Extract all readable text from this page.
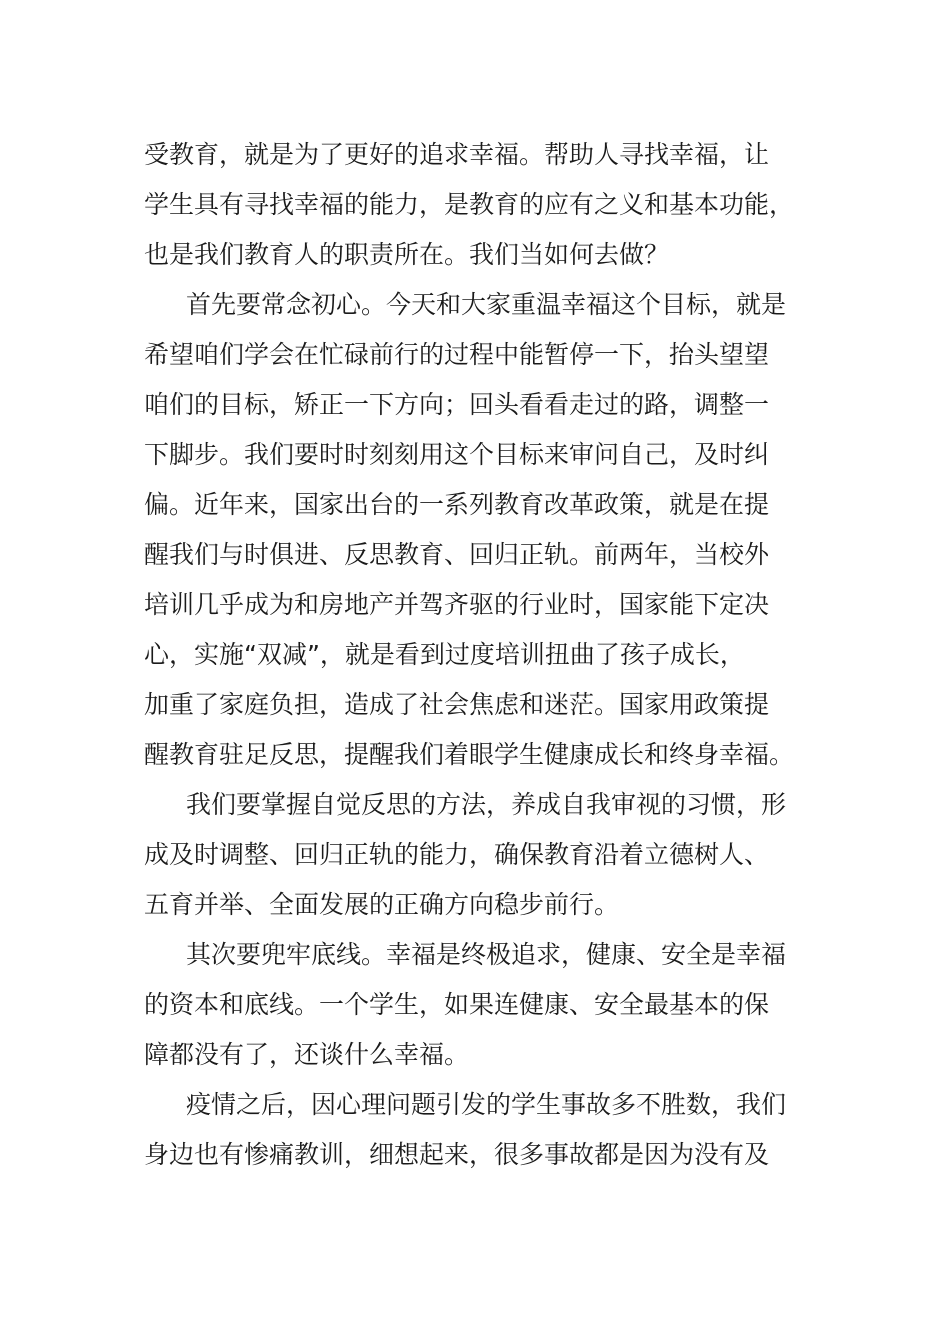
受教育，就是为了更好的追求幸福。帮助人寻找幸福，让
学生具有寻找幸福的能力，是教育的应有之义和基本功能，
也是我们教育人的职责所在。我们当如何去做？
首先要常念初心。今天和大家重温幸福这个目标，就是
希望咱们学会在忙碌前行的过程中能暂停一下，抬头望望
咱们的目标，矫正一下方向；回头看看走过的路，调整一
下脚步。我们要时时刻刻用这个目标来审问自己，及时纠
偏。近年来，国家出台的一系列教育改革政策，就是在提
醒我们与时俱进、反思教育、回归正轨。前两年，当校外
培训几乎成为和房地产并驾齐驱的行业时，国家能下定决
心，实施“双减”，就是看到过度培训扭曲了孩子成长，
加重了家庭负担，造成了社会焦虑和迷茫。国家用政策提
醒教育驻足反思，提醒我们着眼学生健康成长和终身幸福。
我们要掌握自觉反思的方法，养成自我审视的习惯，形
成及时调整、回归正轨的能力，确保教育沿着立德树人、
五育并举、全面发展的正确方向稳步前行。
其次要兜牢底线。幸福是终极追求，健康、安全是幸福
的资本和底线。一个学生，如果连健康、安全最基本的保
障都没有了，还谈什么幸福。
疫情之后，因心理问题引发的学生事故多不胜数，我们
身边也有惨痛教训，细想起来，很多事故都是因为没有及
